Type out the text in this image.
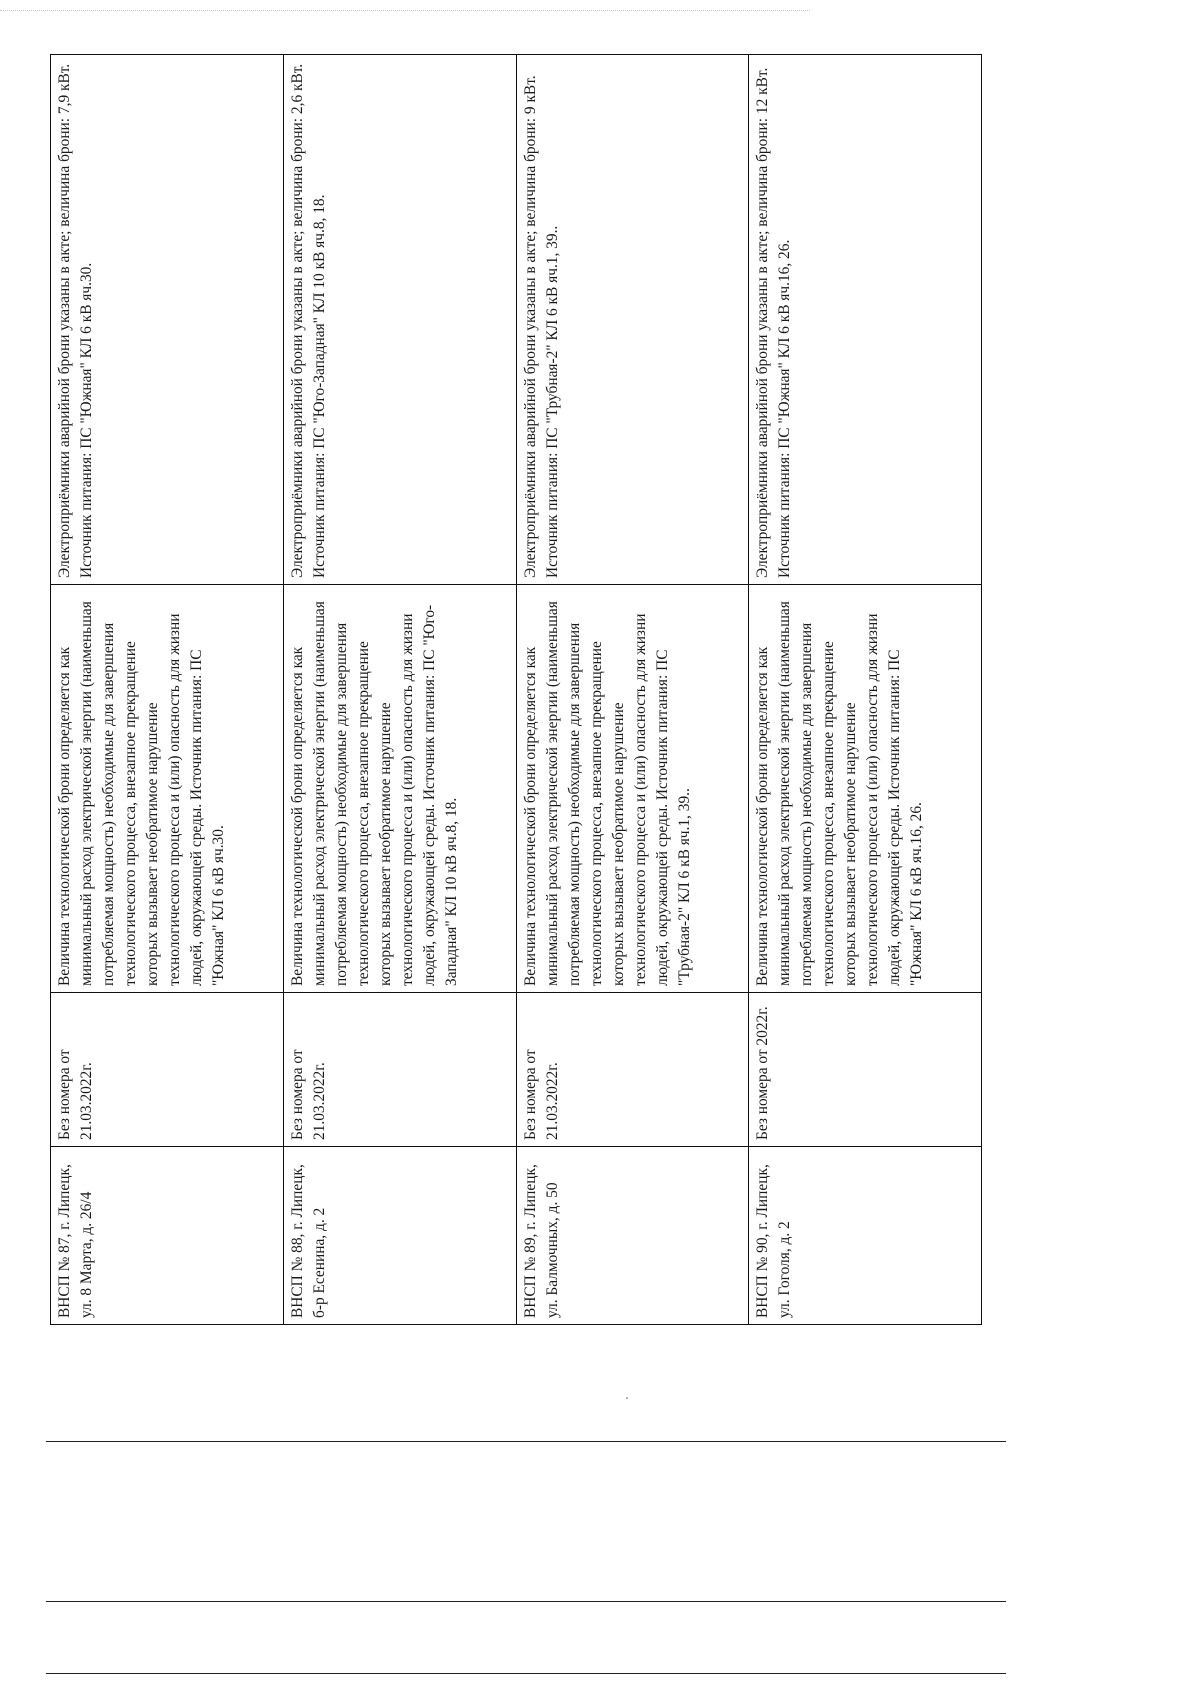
ВНСП № 87, г. Липецк, ул. 8 Марта, д. 26/4	Без номера от 21.03.2022г.	Величина технологической брони определяется как минимальный расход электрической энергии (наименьшая потребляемая мощность) необходимые для завершения технологического процесса, внезапное прекращение которых вызывает необратимое нарушение технологического процесса и (или) опасность для жизни людей, окружающей среды. Источник питания: ПС "Южная" КЛ 6 кВ яч.30.	Электроприёмники аварийной брони указаны в акте; величина брони: 7,9 кВт. Источник питания: ПС "Южная" КЛ 6 кВ яч.30.
ВНСП № 88, г. Липецк, б-р Есенина, д. 2	Без номера от 21.03.2022г.	Величина технологической брони определяется как минимальный расход электрической энергии (наименьшая потребляемая мощность) необходимые для завершения технологического процесса, внезапное прекращение которых вызывает необратимое нарушение технологического процесса и (или) опасность для жизни людей, окружающей среды. Источник питания: ПС "Юго-Западная" КЛ 10 кВ яч.8, 18.	Электроприёмники аварийной брони указаны в акте; величина брони: 2,6 кВт. Источник питания: ПС "Юго-Западная" КЛ 10 кВ яч.8, 18.
ВНСП № 89, г. Липецк, ул. Балмочных, д. 50	Без номера от 21.03.2022г.	Величина технологической брони определяется как минимальный расход электрической энергии (наименьшая потребляемая мощность) необходимые для завершения технологического процесса, внезапное прекращение которых вызывает необратимое нарушение технологического процесса и (или) опасность для жизни людей, окружающей среды. Источник питания: ПС "Трубная-2" КЛ 6 кВ яч.1, 39..	Электроприёмники аварийной брони указаны в акте; величина брони: 9 кВт. Источник питания: ПС "Трубная-2" КЛ 6 кВ яч.1, 39..
ВНСП № 90, г. Липецк, ул. Гоголя, д. 2	Без номера от 2022г.	Величина технологической брони определяется как минимальный расход электрической энергии (наименьшая потребляемая мощность) необходимые для завершения технологического процесса, внезапное прекращение которых вызывает необратимое нарушение технологического процесса и (или) опасность для жизни людей, окружающей среды. Источник питания: ПС "Южная" КЛ 6 кВ яч.16, 26.	Электроприёмники аварийной брони указаны в акте; величина брони: 12 кВт. Источник питания: ПС "Южная" КЛ 6 кВ яч.16, 26.
